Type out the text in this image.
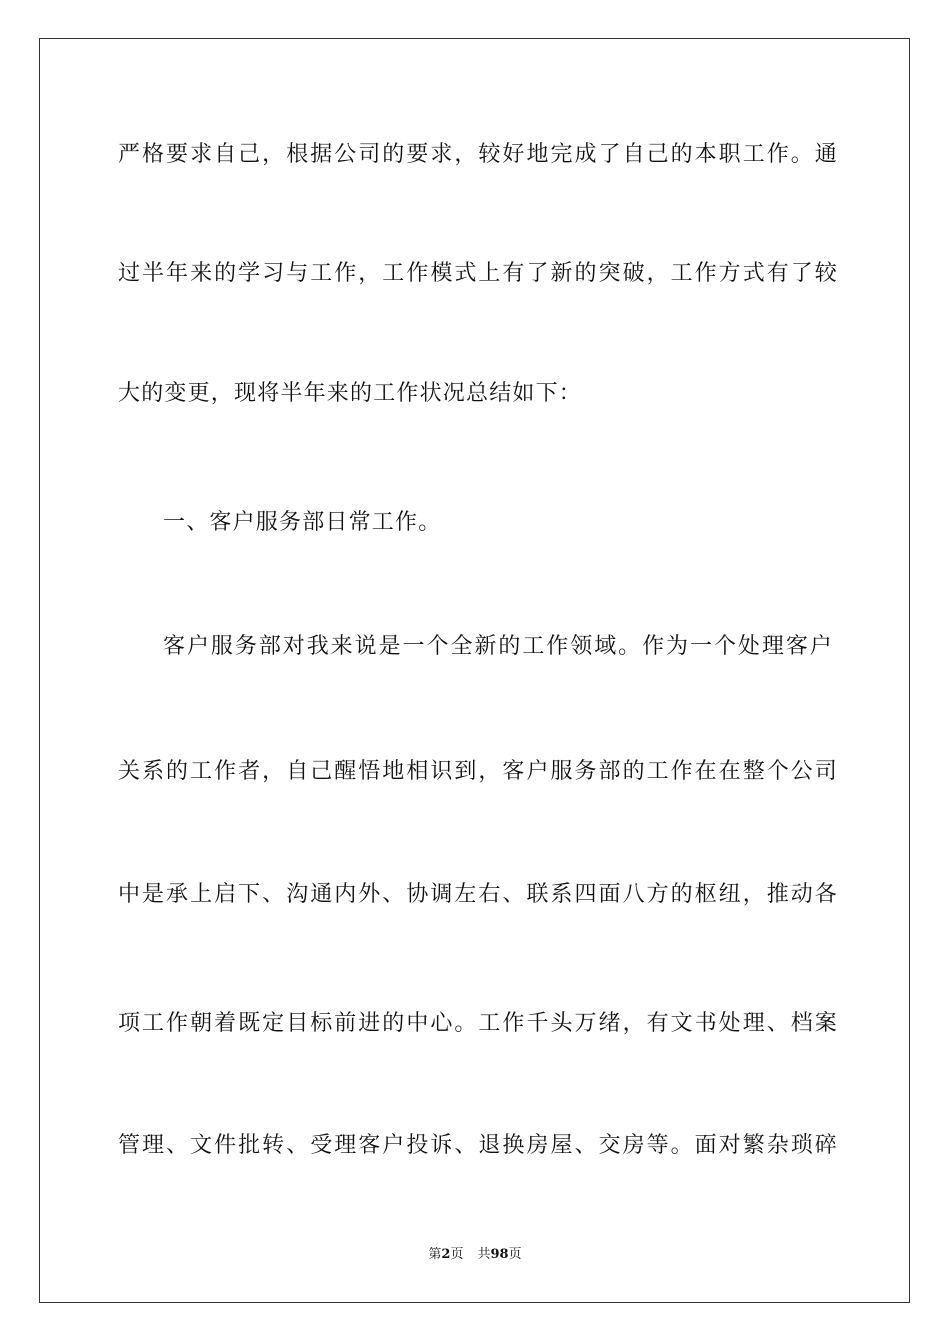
严格要求自己，根据公司的要求，较好地完成了自己的本职工作。通
过半年来的学习与工作，工作模式上有了新的突破，工作方式有了较
大的变更，现将半年来的工作状况总结如下：
一、客户服务部日常工作。
客户服务部对我来说是一个全新的工作领域。作为一个处理客户
关系的工作者，自己醒悟地相识到，客户服务部的工作在在整个公司
中是承上启下、沟通内外、协调左右、联系四面八方的枢纽，推动各
项工作朝着既定目标前进的中心。工作千头万绪，有文书处理、档案
管理、文件批转、受理客户投诉、退换房屋、交房等。面对繁杂琐碎
第2页 共98页
